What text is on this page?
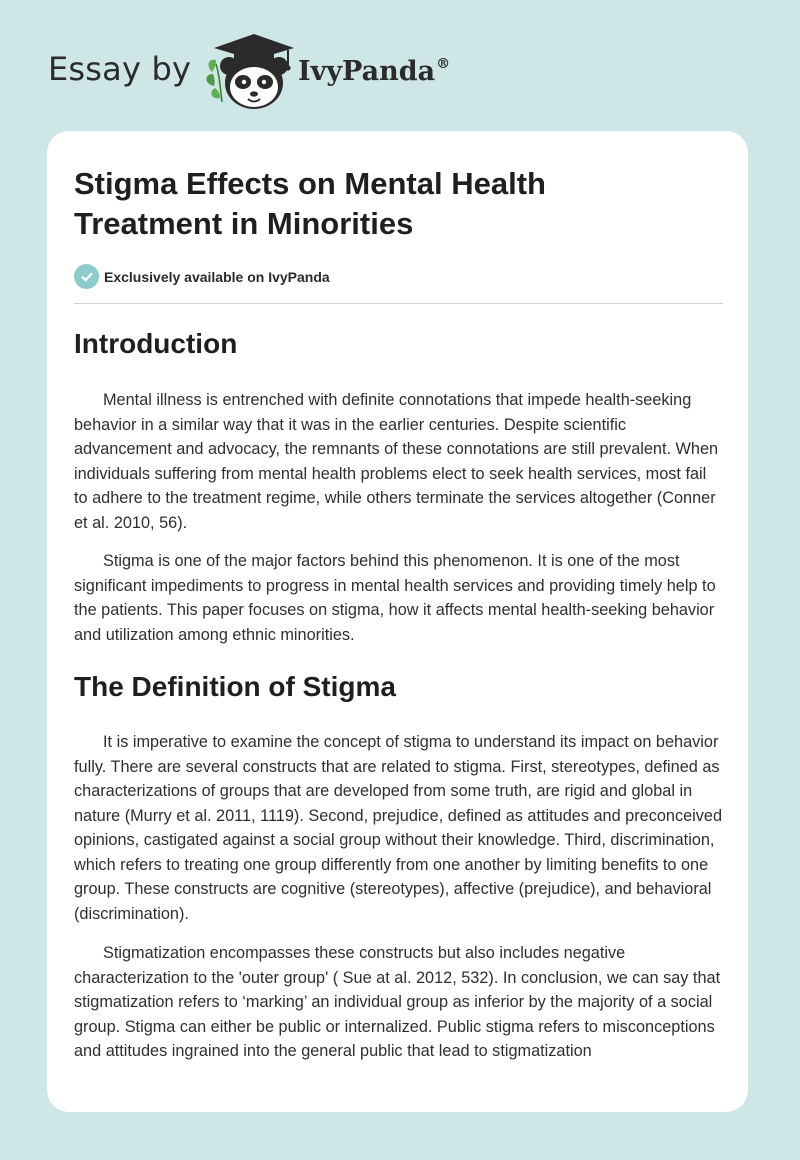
Essay by	IvyPanda®
Stigma Effects on Mental Health Treatment in Minorities
Exclusively available on IvyPanda
Introduction

Mental illness is entrenched with definite connotations that impede health-seeking behavior in a similar way that it was in the earlier centuries. Despite scientific advancement and advocacy, the remnants of these connotations are still prevalent. When individuals suffering from mental health problems elect to seek health services, most fail to adhere to the treatment regime, while others terminate the services altogether (Conner et al. 2010, 56).

Stigma is one of the major factors behind this phenomenon. It is one of the most significant impediments to progress in mental health services and providing timely help to the patients. This paper focuses on stigma, how it affects mental health-seeking behavior and utilization among ethnic minorities.

The Definition of Stigma

It is imperative to examine the concept of stigma to understand its impact on behavior fully. There are several constructs that are related to stigma. First, stereotypes, defined as characterizations of groups that are developed from some truth, are rigid and global in nature (Murry et al. 2011, 1119). Second, prejudice, defined as attitudes and preconceived opinions, castigated against a social group without their knowledge. Third, discrimination, which refers to treating one group differently from one another by limiting benefits to one group. These constructs are cognitive (stereotypes), affective (prejudice), and behavioral (discrimination).

Stigmatization encompasses these constructs but also includes negative characterization to the 'outer group' ( Sue at al. 2012, 532). In conclusion, we can say that stigmatization refers to ‘marking’ an individual group as inferior by the majority of a social group. Stigma can either be public or internalized. Public stigma refers to misconceptions and attitudes ingrained into the general public that lead to stigmatization
